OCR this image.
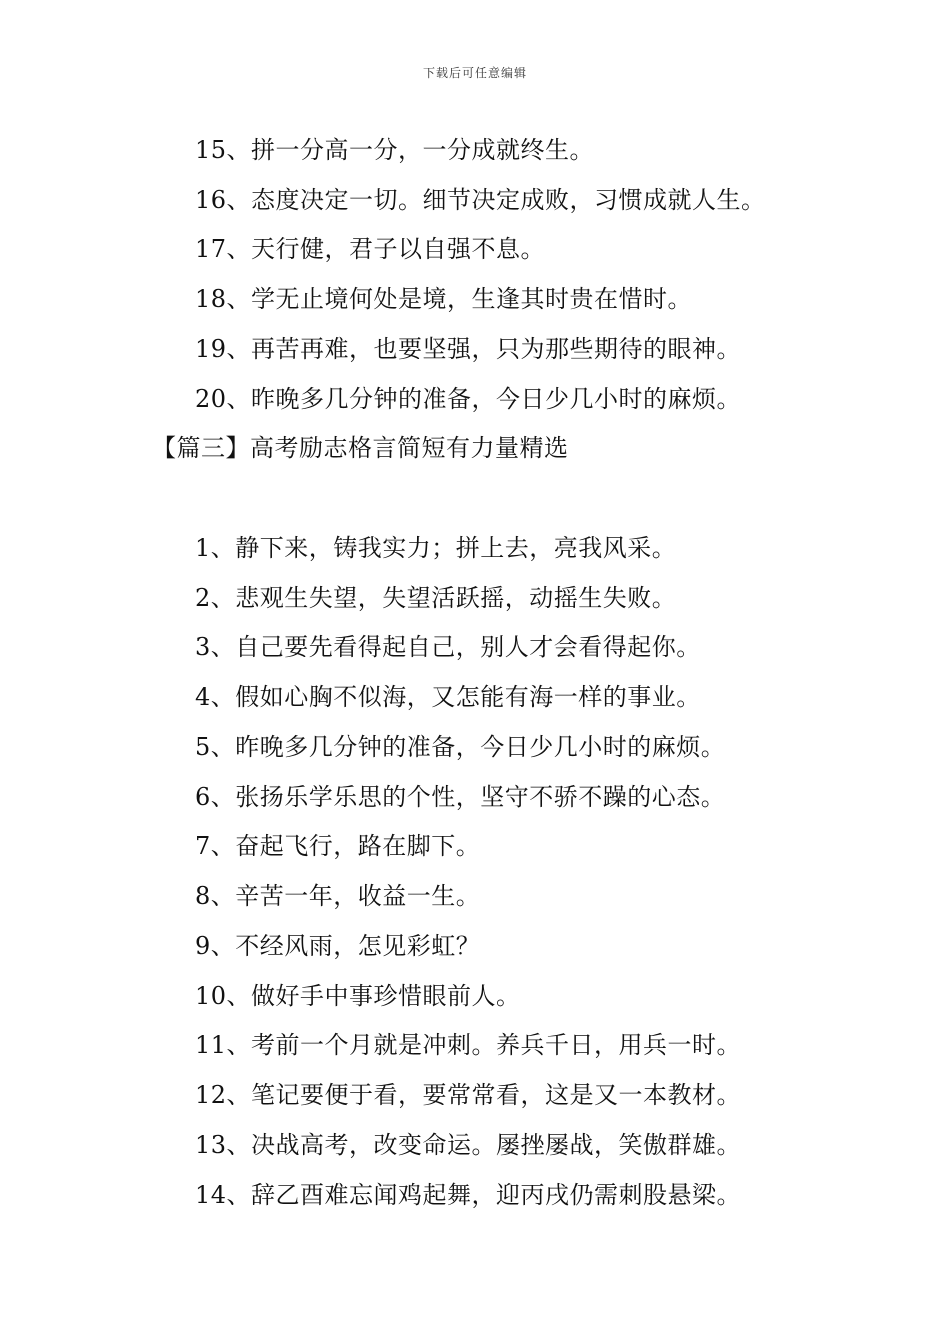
下载后可任意编辑
15、拼一分高一分，一分成就终生。
16、态度决定一切。细节决定成败，习惯成就人生。
17、天行健，君子以自强不息。
18、学无止境何处是境，生逢其时贵在惜时。
19、再苦再难，也要坚强，只为那些期待的眼神。
20、昨晚多几分钟的准备，今日少几小时的麻烦。
【篇三】高考励志格言简短有力量精选
1、静下来，铸我实力；拼上去，亮我风采。
2、悲观生失望，失望活跃摇，动摇生失败。
3、自己要先看得起自己，别人才会看得起你。
4、假如心胸不似海，又怎能有海一样的事业。
5、昨晚多几分钟的准备，今日少几小时的麻烦。
6、张扬乐学乐思的个性，坚守不骄不躁的心态。
7、奋起飞行，路在脚下。
8、辛苦一年，收益一生。
9、不经风雨，怎见彩虹？
10、做好手中事珍惜眼前人。
11、考前一个月就是冲刺。养兵千日，用兵一时。
12、笔记要便于看，要常常看，这是又一本教材。
13、决战高考，改变命运。屡挫屡战，笑傲群雄。
14、辞乙酉难忘闻鸡起舞，迎丙戌仍需刺股悬梁。
